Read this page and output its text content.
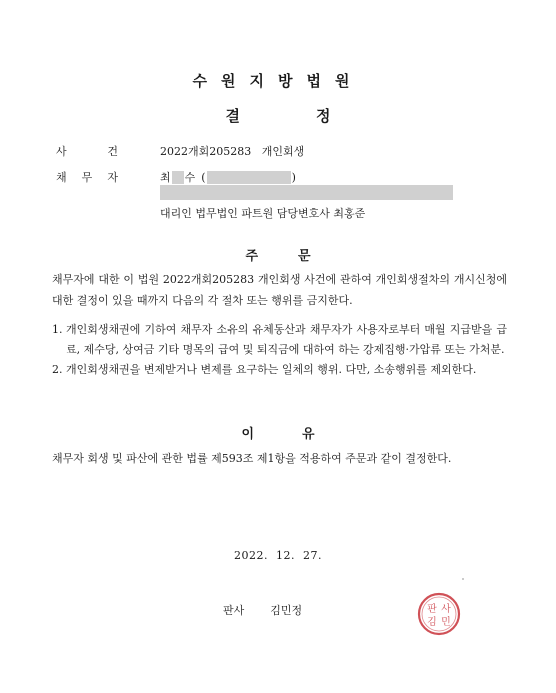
수원지방법원
결	정
사	건	2022개회205283   개인회생
채 무 자	최 수 (	)
대리인 법무법인 파트원 담당변호사 최홍준
주	문
채무자에 대한 이 법원 2022개회205283 개인회생 사건에 관하여 개인회생절차의 개시신청에 대한 결정이 있을 때까지 다음의 각 절차 또는 행위를 금지한다.
1. 개인회생채권에 기하여 채무자 소유의 유체동산과 채무자가 사용자로부터 매월 지급받을 급료, 제수당, 상여금 기타 명목의 급여 및 퇴직금에 대하여 하는 강제집행·가압류 또는 가처분.
2. 개인회생채권을 변제받거나 변제를 요구하는 일체의 행위. 다만, 소송행위를 제외한다.
이	유
채무자 회생 및 파산에 관한 법률 제593조 제1항을 적용하여 주문과 같이 결정한다.
2022.  12.  27.
판사 김민정	판 사
김 민
